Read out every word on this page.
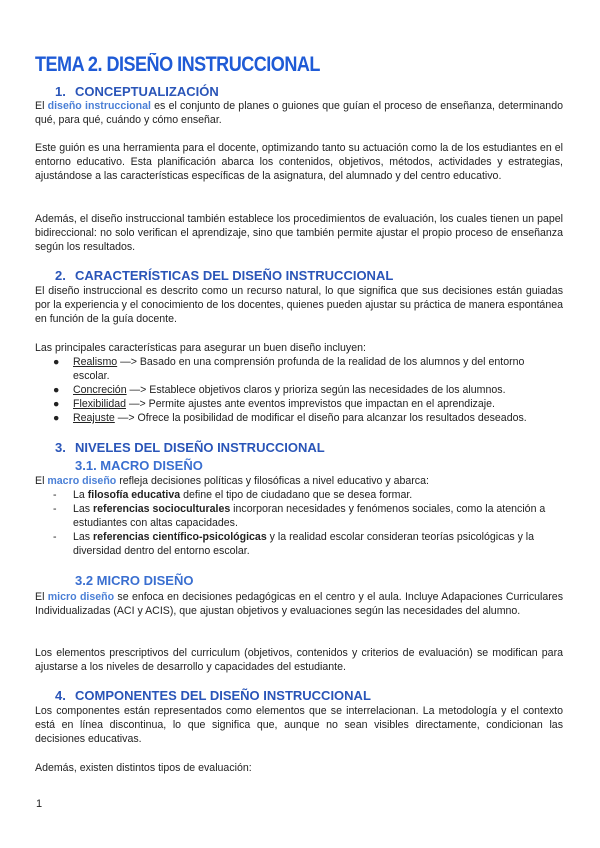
TEMA 2. DISEÑO INSTRUCCIONAL
1. CONCEPTUALIZACIÓN
El diseño instruccional es el conjunto de planes o guiones que guían el proceso de enseñanza, determinando qué, para qué, cuándo y cómo enseñar.
Este guión es una herramienta para el docente, optimizando tanto su actuación como la de los estudiantes en el entorno educativo. Esta planificación abarca los contenidos, objetivos, métodos, actividades y estrategias, ajustándose a las características específicas de la asignatura, del alumnado y del centro educativo.
Además, el diseño instruccional también establece los procedimientos de evaluación, los cuales tienen un papel bidireccional: no solo verifican el aprendizaje, sino que también permite ajustar el propio proceso de enseñanza según los resultados.
2. CARACTERÍSTICAS DEL DISEÑO INSTRUCCIONAL
El diseño instruccional es descrito como un recurso natural, lo que significa que sus decisiones están guiadas por la experiencia y el conocimiento de los docentes, quienes pueden ajustar su práctica de manera espontánea en función de la guía docente.
Las principales características para asegurar un buen diseño incluyen:
● Realismo —> Basado en una comprensión profunda de la realidad de los alumnos y del entorno escolar.
● Concreción —> Establece objetivos claros y prioriza según las necesidades de los alumnos.
● Flexibilidad —> Permite ajustes ante eventos imprevistos que impactan en el aprendizaje.
● Reajuste —> Ofrece la posibilidad de modificar el diseño para alcanzar los resultados deseados.
3. NIVELES DEL DISEÑO INSTRUCCIONAL
3.1. MACRO DISEÑO
El macro diseño refleja decisiones políticas y filosóficas a nivel educativo y abarca:
- La filosofía educativa define el tipo de ciudadano que se desea formar.
- Las referencias socioculturales incorporan necesidades y fenómenos sociales, como la atención a estudiantes con altas capacidades.
- Las referencias científico-psicológicas y la realidad escolar consideran teorías psicológicas y la diversidad dentro del entorno escolar.
3.2 MICRO DISEÑO
El micro diseño se enfoca en decisiones pedagógicas en el centro y el aula. Incluye Adapaciones Curriculares Individualizadas (ACI y ACIS), que ajustan objetivos y evaluaciones según las necesidades del alumno.
Los elementos prescriptivos del curriculum (objetivos, contenidos y criterios de evaluación) se modifican para ajustarse a los niveles de desarrollo y capacidades del estudiante.
4. COMPONENTES DEL DISEÑO INSTRUCCIONAL
Los componentes están representados como elementos que se interrelacionan. La metodología y el contexto está en línea discontinua, lo que significa que, aunque no sean visibles directamente, condicionan las decisiones educativas.
Además, existen distintos tipos de evaluación:
1
